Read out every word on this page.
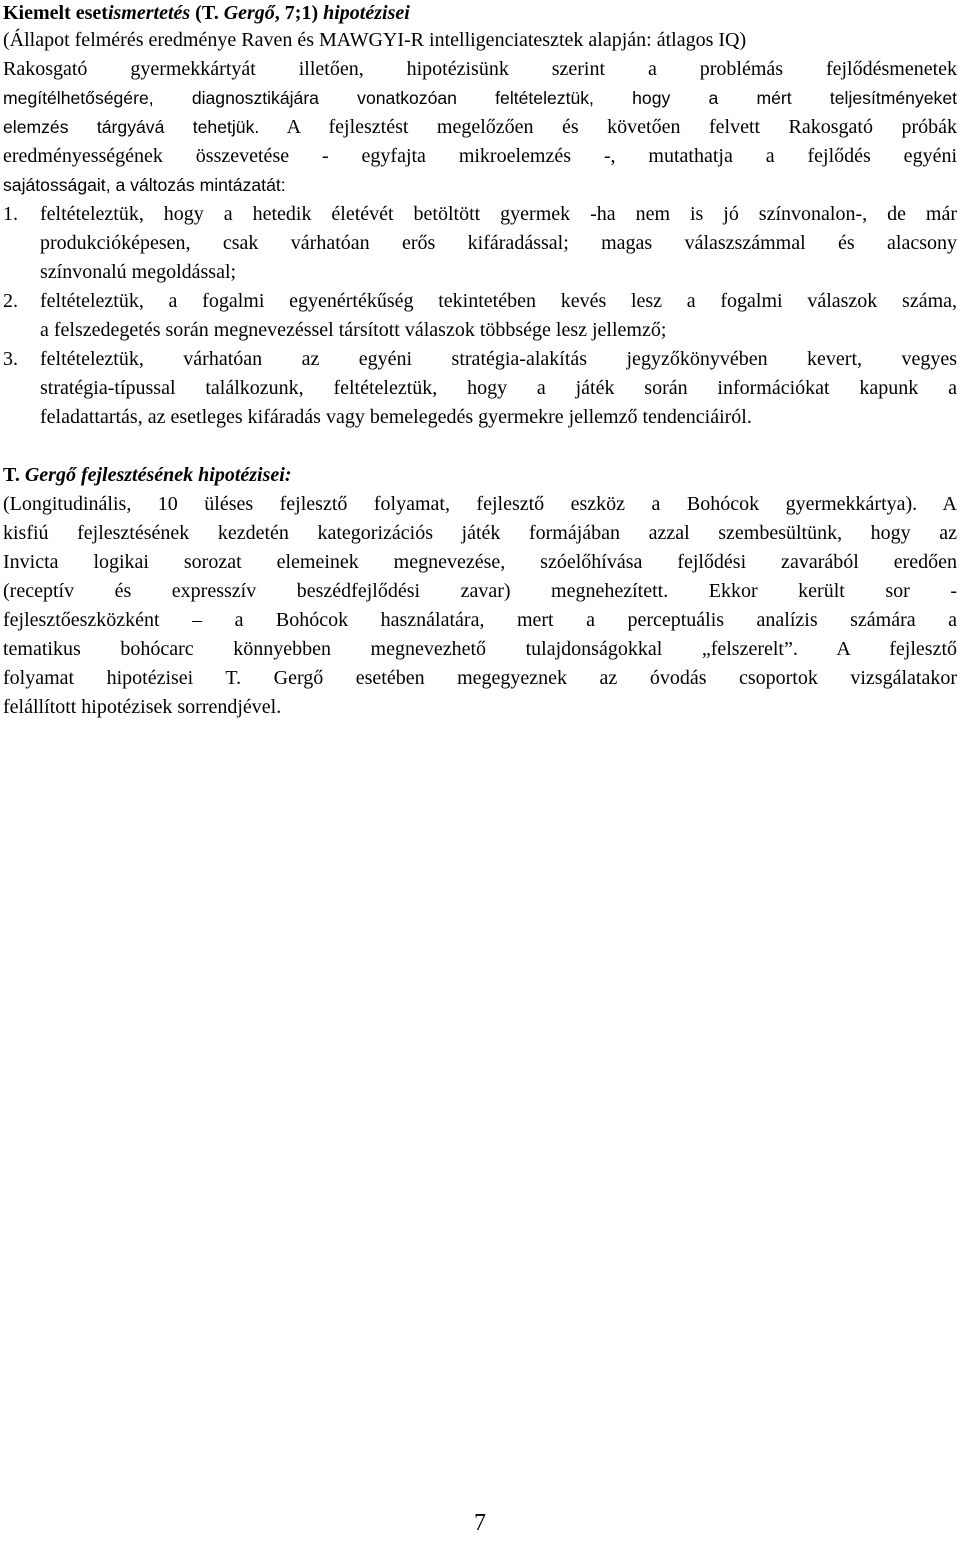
Kiemelt esetismertetés (T. Gergő, 7;1) hipotézisei
(Állapot felmérés eredménye Raven és MAWGYI-R intelligenciatesztek alapján: átlagos IQ)
Rakosgató gyermekkártyát illetően, hipotézisünk szerint a problémás fejlődésmenetek
megítélhetőségére, diagnosztikájára vonatkozóan feltételeztük, hogy a mért teljesítményeket
elemzés tárgyává tehetjük. A fejlesztést megelőzően és követően felvett Rakosgató próbák
eredményességének összevetése - egyfajta mikroelemzés -, mutathatja a fejlődés egyéni
sajátosságait, a változás mintázatát:
1. feltételeztük, hogy a hetedik életévét betöltött gyermek -ha nem is jó színvonalon-, de már
produkcióképesen, csak várhatóan erős kifáradással; magas válaszszámmal és alacsony
színvonalú megoldással;
2. feltételeztük, a fogalmi egyenértékűség tekintetében kevés lesz a fogalmi válaszok száma,
a felszedegetés során megnevezéssel társított válaszok többsége lesz jellemző;
3. feltételeztük, várhatóan az egyéni stratégia-alakítás jegyzőkönyvében kevert, vegyes
stratégia-típussal találkozunk, feltételeztük, hogy a játék során információkat kapunk a
feladattartás, az esetleges kifáradás vagy bemelegedés gyermekre jellemző tendenciáiról.
T. Gergő fejlesztésének hipotézisei:
(Longitudinális, 10 üléses fejlesztő folyamat, fejlesztő eszköz a Bohócok gyermekkártya). A
kisfiú fejlesztésének kezdetén kategorizációs játék formájában azzal szembesültünk, hogy az
Invicta logikai sorozat elemeinek megnevezése, szóelőhívása fejlődési zavarából eredően
(receptív és expresszív beszédfejlődési zavar) megnehezített. Ekkor került sor -
fejlesztőeszközként – a Bohócok használatára, mert a perceptuális analízis számára a
tematikus bohócarc könnyebben megnevezhető tulajdonságokkal „felszerelt”. A fejlesztő
folyamat hipotézisei T. Gergő esetében megegyeznek az óvodás csoportok vizsgálatakor
felállított hipotézisek sorrendjével.
7
